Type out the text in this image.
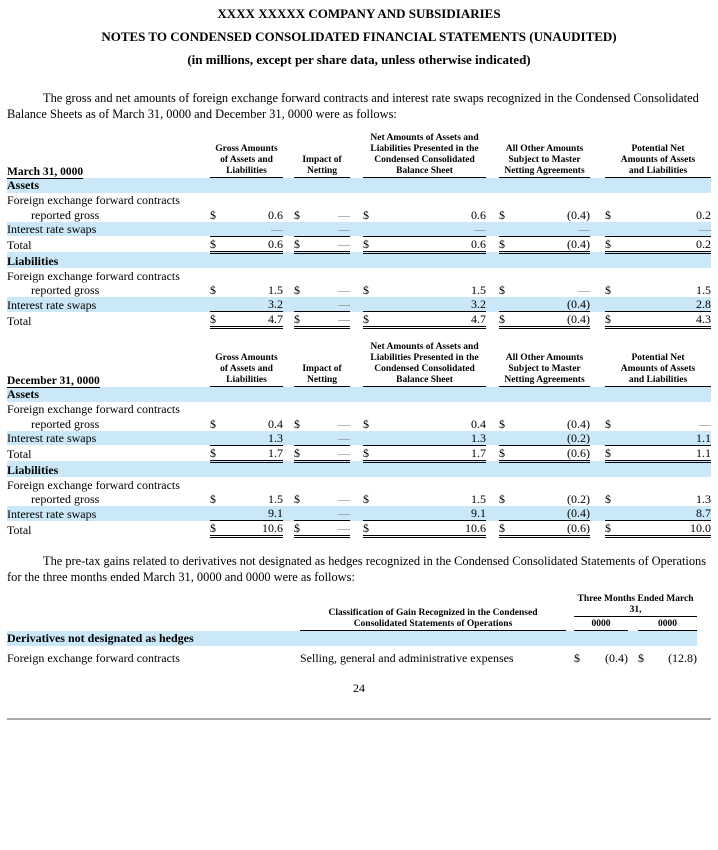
XXXX XXXXX COMPANY AND SUBSIDIARIES
NOTES TO CONDENSED CONSOLIDATED FINANCIAL STATEMENTS (UNAUDITED)
(in millions, except per share data, unless otherwise indicated)

The gross and net amounts of foreign exchange forward contracts and interest rate swaps recognized in the Condensed Consolidated Balance Sheets as of March 31, 0000 and December 31, 0000 were as follows:

March 31, 0000	Gross Amounts of Assets and Liabilities		Impact of Netting		Net Amounts of Assets and Liabilities Presented in the Condensed Consolidated Balance Sheet		All Other Amounts Subject to Master Netting Agreements		Potential Net Amounts of Assets and Liabilities

Assets									
Foreign exchange forward contracts									
reported gross	$ 0.6		$ —		$ 0.6		$ (0.4)		$ 0.2

Interest rate swaps	—		—		—		—		—

Total	$ 0.6		$ —		$ 0.6		$ (0.4)		$ 0.2

Liabilities									
Foreign exchange forward contracts									
reported gross	$ 1.5		$ —		$ 1.5		$ —		$ 1.5

Interest rate swaps	3.2		—		3.2		(0.4)		2.8

Total	$ 4.7		$ —		$ 4.7		$ (0.4)		$ 4.3
December 31, 0000	Gross Amounts of Assets and Liabilities		Impact of Netting		Net Amounts of Assets and Liabilities Presented in the Condensed Consolidated Balance Sheet		All Other Amounts Subject to Master Netting Agreements		Potential Net Amounts of Assets and Liabilities

Assets									
Foreign exchange forward contracts									
reported gross	$ 0.4		$ —		$ 0.4		$ (0.4)		$ —

Interest rate swaps	1.3		—		1.3		(0.2)		1.1

Total	$ 1.7		$ —		$ 1.7		$ (0.6)		$ 1.1

Liabilities									
Foreign exchange forward contracts									
reported gross	$ 1.5		$ —		$ 1.5		$ (0.2)		$ 1.3

Interest rate swaps	9.1		—		9.1		(0.4)		8.7

Total	$ 10.6		$ —		$ 10.6		$ (0.6)		$ 10.0

The pre-tax gains related to derivatives not designated as hedges recognized in the Condensed Consolidated Statements of Operations for the three months ended March 31, 0000 and 0000 were as follows:

	Classification of Gain Recognized in the Condensed Consolidated Statements of Operations		Three Months Ended March 31,		
			0000		0000
Derivatives not designated as hedges					
Foreign exchange forward contracts	Selling, general and administrative expenses		$ (0.4)		$ (12.8)
24
